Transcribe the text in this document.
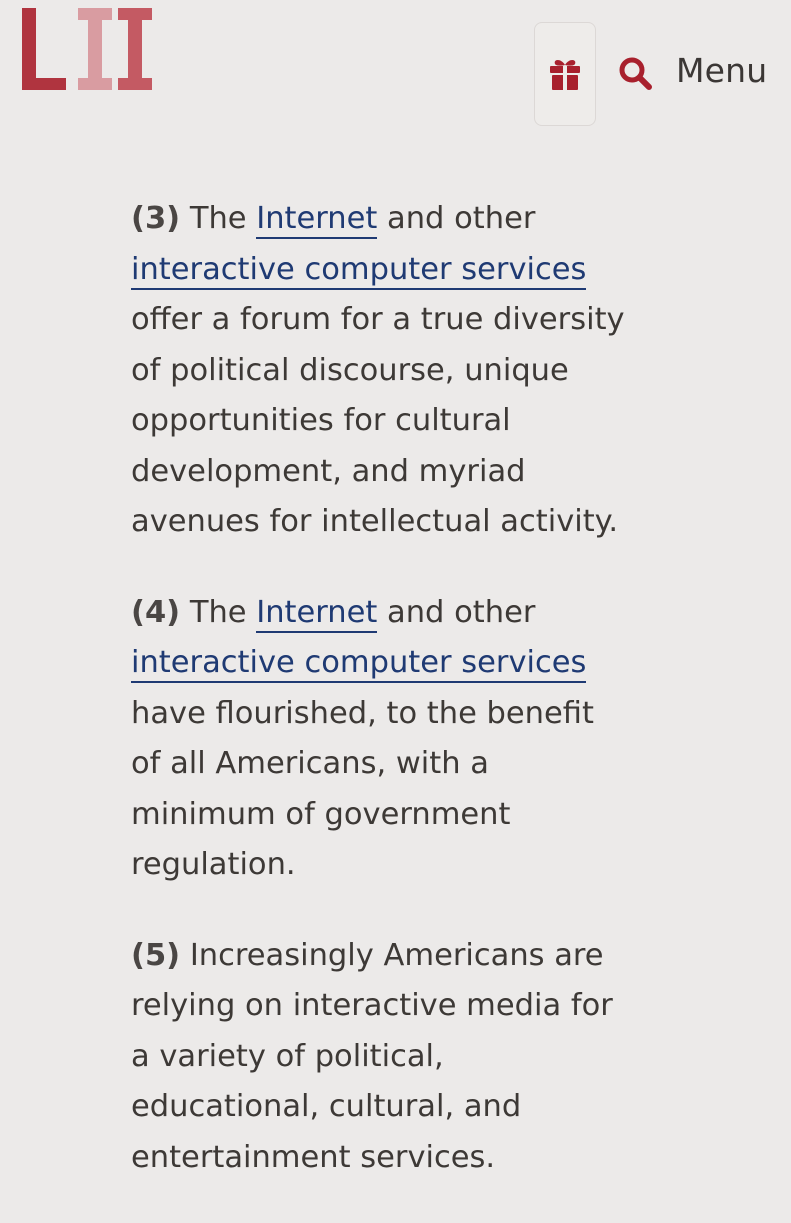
Menu

(3) The Internet and other
interactive computer services
offer a forum for a true diversity
of political discourse, unique
opportunities for cultural
development, and myriad
avenues for intellectual activity.

(4) The Internet and other
interactive computer services
have flourished, to the benefit
of all Americans, with a
minimum of government
regulation.

(5) Increasingly Americans are
relying on interactive media for
a variety of political,
educational, cultural, and
entertainment services.
